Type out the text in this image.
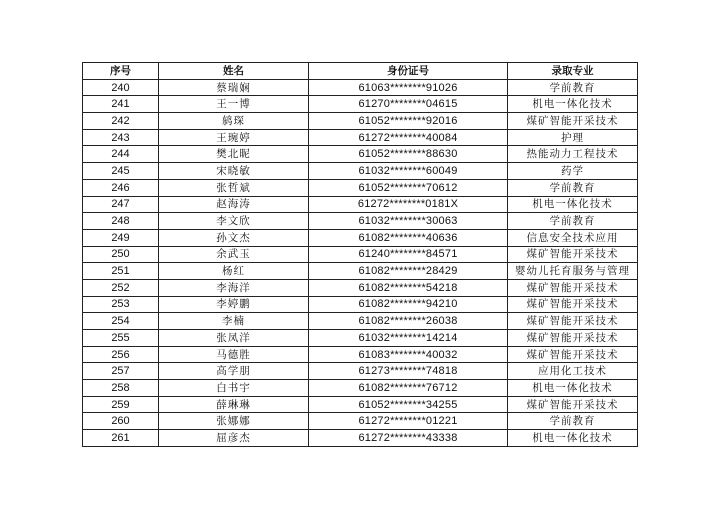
序号	姓名	身份证号	录取专业
240	蔡瑞娴	61063********91026	学前教育
241	王一博	61270********04615	机电一体化技术
242	鸫琛	61052********92016	煤矿智能开采技术
243	王琬婷	61272********40084	护理
244	樊北昵	61052********88630	热能动力工程技术
245	宋晓敏	61032********60049	药学
246	张哲斌	61052********70612	学前教育
247	赵海涛	61272********0181X	机电一体化技术
248	李文欣	61032********30063	学前教育
249	孙文杰	61082********40636	信息安全技术应用
250	余武玉	61240********84571	煤矿智能开采技术
251	杨红	61082********28429	婴幼儿托育服务与管理
252	李海洋	61082********54218	煤矿智能开采技术
253	李婷鹏	61082********94210	煤矿智能开采技术
254	李楠	61082********26038	煤矿智能开采技术
255	张凤洋	61032********14214	煤矿智能开采技术
256	马德胜	61083********40032	煤矿智能开采技术
257	高学朋	61273********74818	应用化工技术
258	白书宇	61082********76712	机电一体化技术
259	薛琳琳	61052********34255	煤矿智能开采技术
260	张娜娜	61272********01221	学前教育
261	屈彦杰	61272********43338	机电一体化技术
